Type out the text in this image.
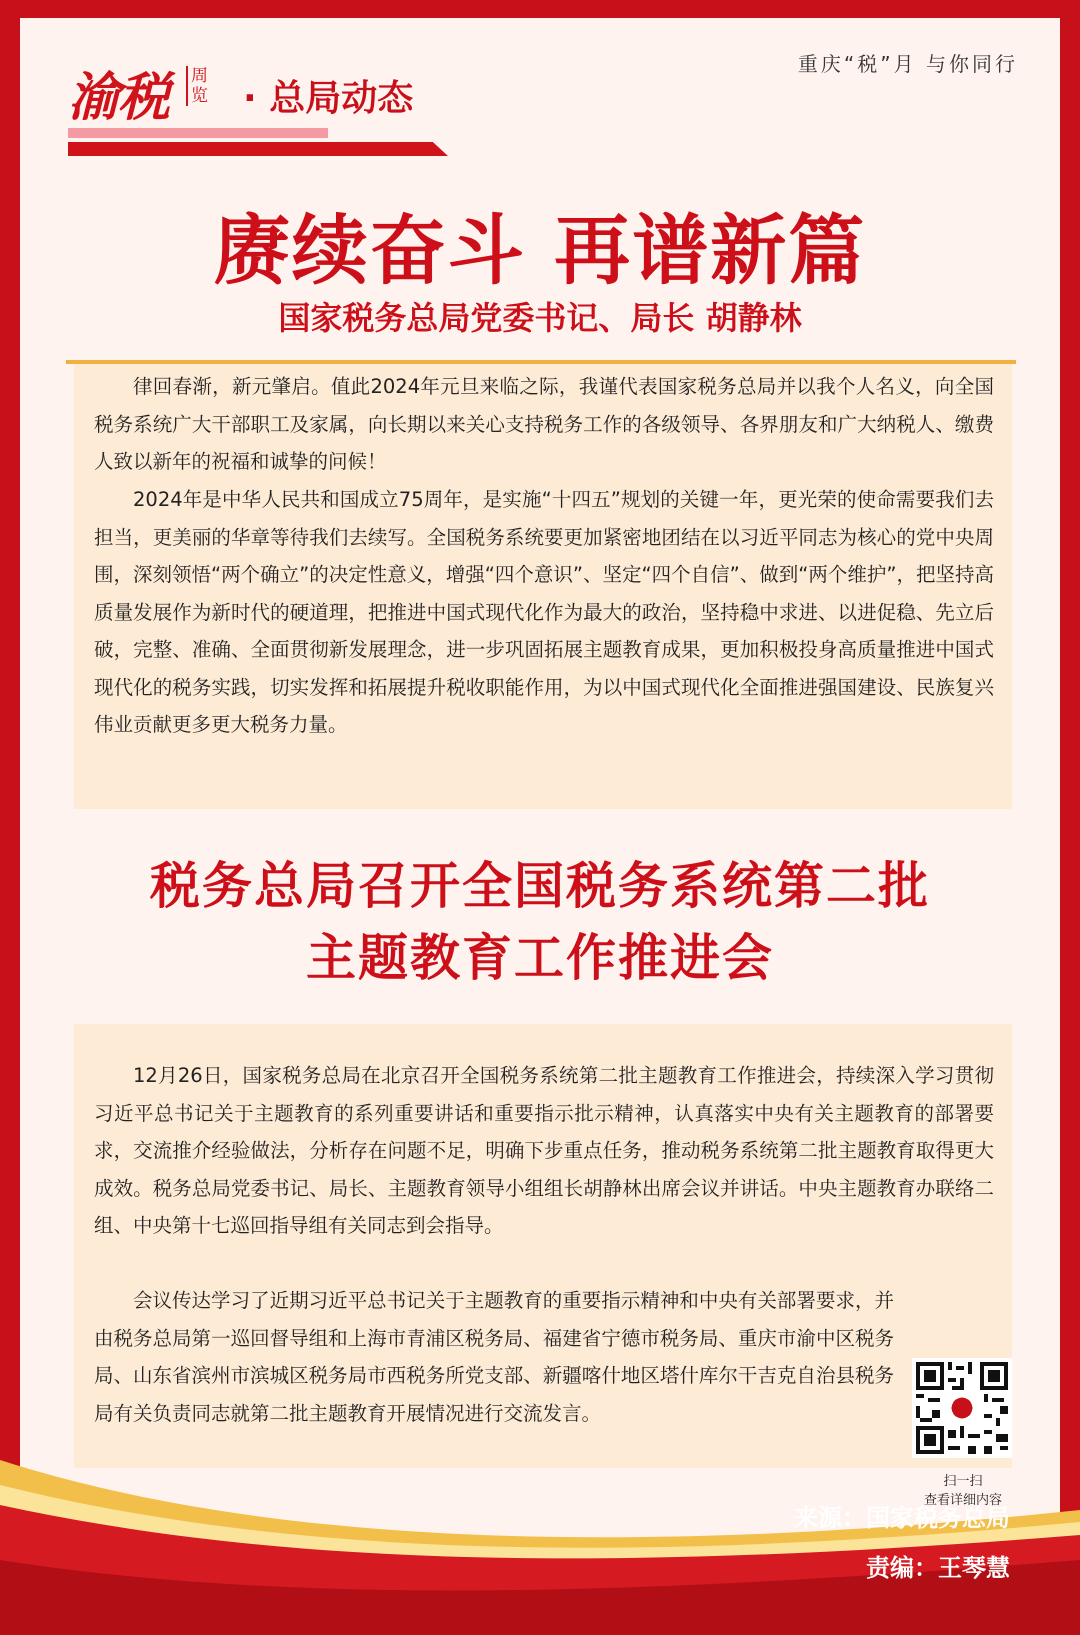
渝税 周览 · 总局动态
重庆“税”月 与你同行
赓续奋斗 再谱新篇
国家税务总局党委书记、局长 胡静林

律回春渐，新元肇启。值此2024年元旦来临之际，我谨代表国家税务总局并以我个人名义，向全国税务系统广大干部职工及家属，向长期以来关心支持税务工作的各级领导、各界朋友和广大纳税人、缴费人致以新年的祝福和诚挚的问候！

2024年是中华人民共和国成立75周年，是实施“十四五”规划的关键一年，更光荣的使命需要我们去担当，更美丽的华章等待我们去续写。全国税务系统要更加紧密地团结在以习近平同志为核心的党中央周围，深刻领悟“两个确立”的决定性意义，增强“四个意识”、坚定“四个自信”、做到“两个维护”，把坚持高质量发展作为新时代的硬道理，把推进中国式现代化作为最大的政治，坚持稳中求进、以进促稳、先立后破，完整、准确、全面贯彻新发展理念，进一步巩固拓展主题教育成果，更加积极投身高质量推进中国式现代化的税务实践，切实发挥和拓展提升税收职能作用，为以中国式现代化全面推进强国建设、民族复兴伟业贡献更多更大税务力量。

税务总局召开全国税务系统第二批
主题教育工作推进会

12月26日，国家税务总局在北京召开全国税务系统第二批主题教育工作推进会，持续深入学习贯彻习近平总书记关于主题教育的系列重要讲话和重要指示批示精神，认真落实中央有关主题教育的部署要求，交流推介经验做法，分析存在问题不足，明确下步重点任务，推动税务系统第二批主题教育取得更大成效。税务总局党委书记、局长、主题教育领导小组组长胡静林出席会议并讲话。中央主题教育办联络二组、中央第十七巡回指导组有关同志到会指导。

会议传达学习了近期习近平总书记关于主题教育的重要指示精神和中央有关部署要求，并由税务总局第一巡回督导组和上海市青浦区税务局、福建省宁德市税务局、重庆市渝中区税务局、山东省滨州市滨城区税务局市西税务所党支部、新疆喀什地区塔什库尔干吉克自治县税务局有关负责同志就第二批主题教育开展情况进行交流发言。

扫一扫
查看详细内容
来源：国家税务总局
责编：王琴慧
